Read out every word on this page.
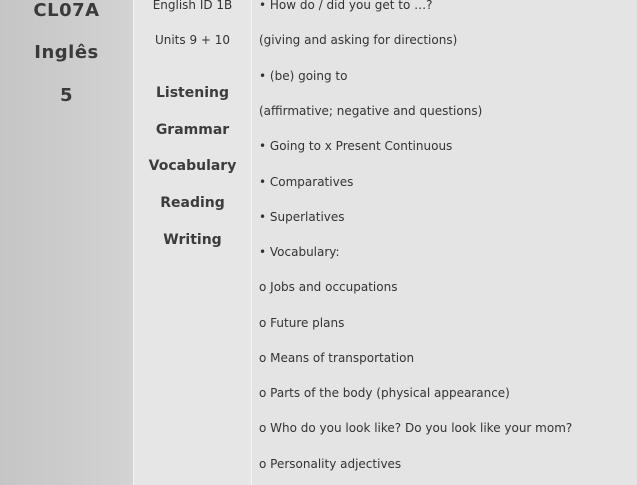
CL07A
Inglês
5
English ID 1B
Units 9 + 10
Listening
Grammar
Vocabulary
Reading
Writing
• How do / did you get to …?
(giving and asking for directions)
• (be) going to
(affirmative; negative and questions)
• Going to x Present Continuous
• Comparatives
• Superlatives
• Vocabulary:
o Jobs and occupations
o Future plans
o Means of transportation
o Parts of the body (physical appearance)
o Who do you look like? Do you look like your mom?
o Personality adjectives
